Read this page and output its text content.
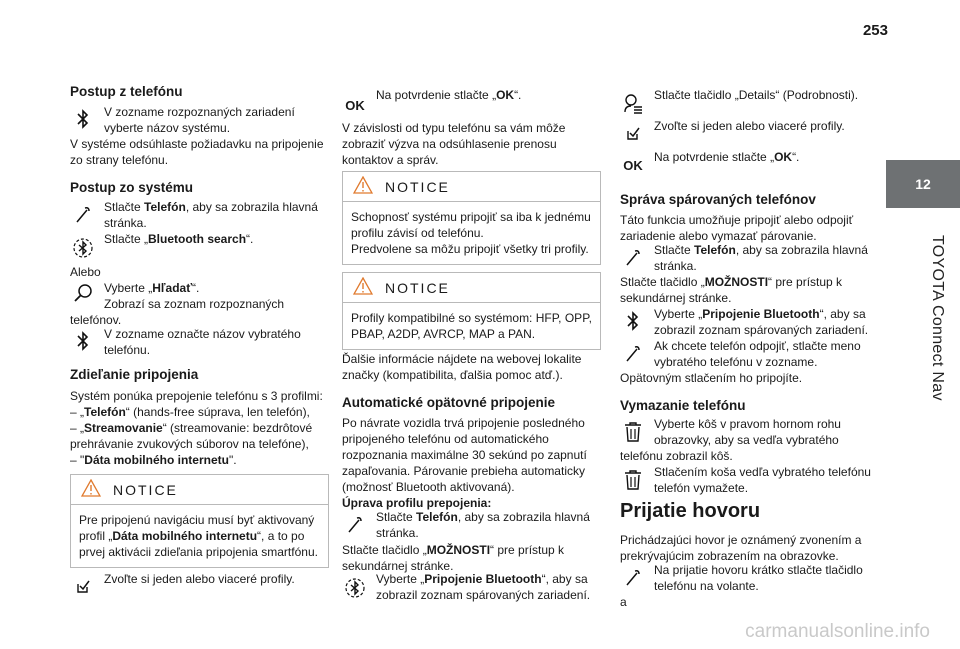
253
12
TOYOTA Connect Nav
Postup z telefónu
V zozname rozpoznaných zariadení
vyberte názov systému.
V systéme odsúhlaste požiadavku na pripojenie
zo strany telefónu.
Postup zo systému
Stlačte Telefón, aby sa zobrazila hlavná
stránka.
Stlačte „Bluetooth search“.
Alebo
Vyberte „Hľadať“.
Zobrazí sa zoznam rozpoznaných
telefónov.
V zozname označte názov vybratého
telefónu.
Zdieľanie pripojenia
Systém ponúka prepojenie telefónu s 3 profilmi:
– „Telefón“ (hands-free súprava, len telefón),
– „Streamovanie“ (streamovanie: bezdrôtové
prehrávanie zvukových súborov na telefóne),
– "Dáta mobilného internetu".
NOTICE
Pre pripojenú navigáciu musí byť aktivovaný
profil „Dáta mobilného internetu“, a to po
prvej aktivácii zdieľania pripojenia smartfónu.
Zvoľte si jeden alebo viaceré profily.
OK
Na potvrdenie stlačte „OK“.
V závislosti od typu telefónu sa vám môže
zobraziť výzva na odsúhlasenie prenosu
kontaktov a správ.
NOTICE
Schopnosť systému pripojiť sa iba k jednému
profilu závisí od telefónu.
Predvolene sa môžu pripojiť všetky tri profily.
NOTICE
Profily kompatibilné so systémom: HFP, OPP,
PBAP, A2DP, AVRCP, MAP a PAN.
Ďalšie informácie nájdete na webovej lokalite
značky (kompatibilita, ďalšia pomoc atď.).
Automatické opätovné pripojenie
Po návrate vozidla trvá pripojenie posledného
pripojeného telefónu od automatického
rozpoznania maximálne 30 sekúnd po zapnutí
zapaľovania. Párovanie prebieha automaticky
(možnosť Bluetooth aktivovaná).
Úprava profilu prepojenia:
Stlačte Telefón, aby sa zobrazila hlavná
stránka.
Stlačte tlačidlo „MOŽNOSTI“ pre prístup k
sekundárnej stránke.
Vyberte „Pripojenie Bluetooth“, aby sa
zobrazil zoznam spárovaných zariadení.
Stlačte tlačidlo „Details“ (Podrobnosti).
Zvoľte si jeden alebo viaceré profily.
OK
Na potvrdenie stlačte „OK“.
Správa spárovaných telefónov
Táto funkcia umožňuje pripojiť alebo odpojiť
zariadenie alebo vymazať párovanie.
Stlačte Telefón, aby sa zobrazila hlavná
stránka.
Stlačte tlačidlo „MOŽNOSTI“ pre prístup k
sekundárnej stránke.
Vyberte „Pripojenie Bluetooth“, aby sa
zobrazil zoznam spárovaných zariadení.
Ak chcete telefón odpojiť, stlačte meno
vybratého telefónu v zozname.
Opätovným stlačením ho pripojíte.
Vymazanie telefónu
Vyberte kôš v pravom hornom rohu
obrazovky, aby sa vedľa vybratého
telefónu zobrazil kôš.
Stlačením koša vedľa vybratého telefónu
telefón vymažete.
Prijatie hovoru
Prichádzajúci hovor je oznámený zvonením a
prekrývajúcim zobrazením na obrazovke.
Na prijatie hovoru krátko stlačte tlačidlo
telefónu na volante.
a
carmanualsonline.info
